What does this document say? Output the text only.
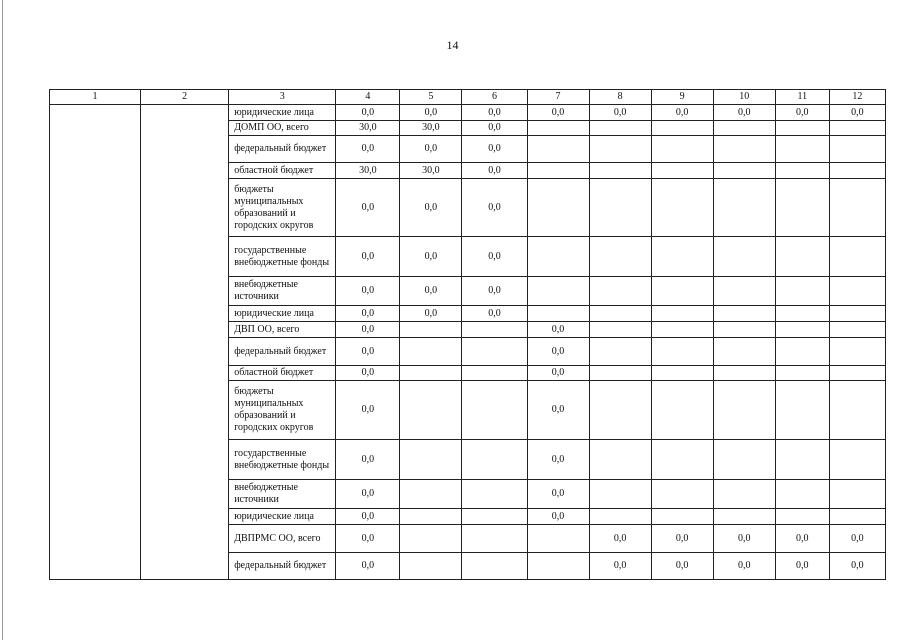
14
1	2	3	4	5	6	7	8	9	10	11	12
		юридические лица	0,0	0,0	0,0	0,0	0,0	0,0	0,0	0,0	0,0
		ДОМП ОО, всего	30,0	30,0	0,0						
		федеральный бюджет	0,0	0,0	0,0						
		областной бюджет	30,0	30,0	0,0						
		бюджеты муниципальных образований и городских округов	0,0	0,0	0,0						
		государственные внебюджетные фонды	0,0	0,0	0,0						
		внебюджетные источники	0,0	0,0	0,0						
		юридические лица	0,0	0,0	0,0						
		ДВП ОО, всего	0,0			0,0					
		федеральный бюджет	0,0			0,0					
		областной бюджет	0,0			0,0					
		бюджеты муниципальных образований и городских округов	0,0			0,0					
		государственные внебюджетные фонды	0,0			0,0					
		внебюджетные источники	0,0			0,0					
		юридические лица	0,0			0,0					
		ДВПРМС ОО, всего	0,0				0,0	0,0	0,0	0,0	0,0
		федеральный бюджет	0,0				0,0	0,0	0,0	0,0	0,0
